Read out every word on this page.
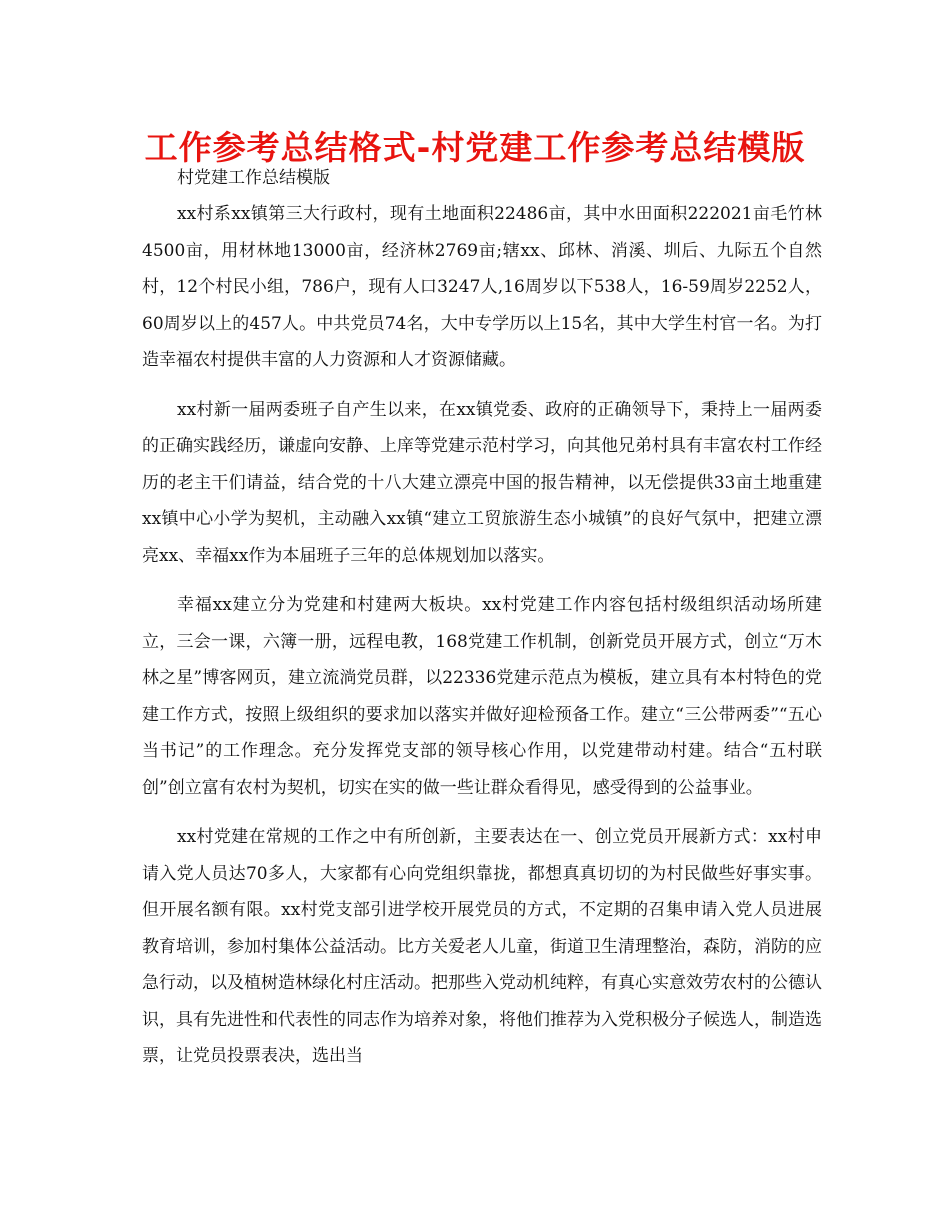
工作参考总结格式-村党建工作参考总结模版
村党建工作总结模版

xx村系xx镇第三大行政村，现有土地面积22486亩，其中水田面积222021亩毛竹林4500亩，用材林地13000亩，经济林2769亩;辖xx、邱林、消溪、圳后、九际五个自然村，12个村民小组，786户，现有人口3247人,16周岁以下538人，16-59周岁2252人，60周岁以上的457人。中共党员74名，大中专学历以上15名，其中大学生村官一名。为打造幸福农村提供丰富的人力资源和人才资源储藏。

xx村新一届两委班子自产生以来，在xx镇党委、政府的正确领导下，秉持上一届两委的正确实践经历，谦虚向安静、上庠等党建示范村学习，向其他兄弟村具有丰富农村工作经历的老主干们请益，结合党的十八大建立漂亮中国的报告精神，以无偿提供33亩土地重建xx镇中心小学为契机，主动融入xx镇“建立工贸旅游生态小城镇”的良好气氛中，把建立漂亮xx、幸福xx作为本届班子三年的总体规划加以落实。

幸福xx建立分为党建和村建两大板块。xx村党建工作内容包括村级组织活动场所建立，三会一课，六簿一册，远程电教，168党建工作机制，创新党员开展方式，创立“万木林之星”博客网页，建立流淌党员群，以22336党建示范点为模板，建立具有本村特色的党建工作方式，按照上级组织的要求加以落实并做好迎检预备工作。建立“三公带两委”“五心当书记”的工作理念。充分发挥党支部的领导核心作用，以党建带动村建。结合“五村联创”创立富有农村为契机，切实在实的做一些让群众看得见，感受得到的公益事业。

xx村党建在常规的工作之中有所创新，主要表达在一、创立党员开展新方式：xx村申请入党人员达70多人，大家都有心向党组织靠拢，都想真真切切的为村民做些好事实事。但开展名额有限。xx村党支部引进学校开展党员的方式，不定期的召集申请入党人员进展教育培训，参加村集体公益活动。比方关爱老人儿童，街道卫生清理整治，森防，消防的应急行动，以及植树造林绿化村庄活动。把那些入党动机纯粹，有真心实意效劳农村的公德认识，具有先进性和代表性的同志作为培养对象，将他们推荐为入党积极分子候选人，制造选票，让党员投票表决，选出当
